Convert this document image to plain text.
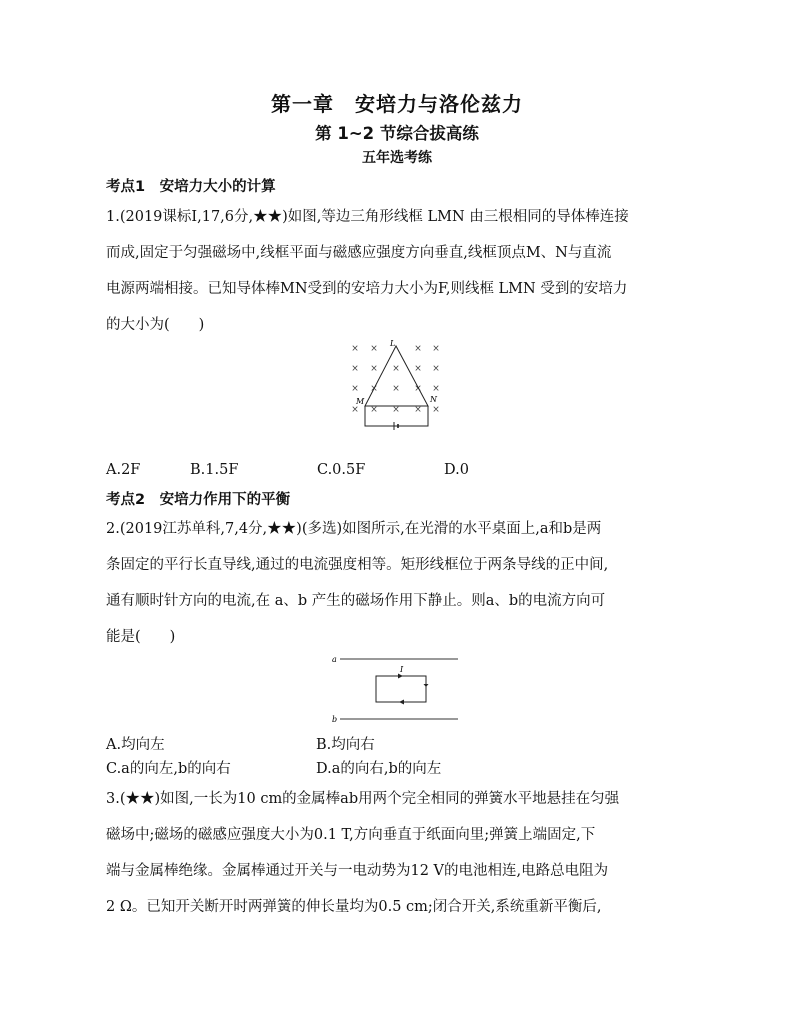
第一章　安培力与洛伦兹力
第 1~2 节综合拔高练
五年选考练
考点1　安培力大小的计算
1.(2019课标Ⅰ,17,6分,★★)如图,等边三角形线框 LMN 由三根相同的导体棒连接
而成,固定于匀强磁场中,线框平面与磁感应强度方向垂直,线框顶点M、N与直流
电源两端相接。已知导体棒MN受到的安培力大小为F,则线框 LMN 受到的安培力
的大小为(　　)
× ×	× ×
× × × × ×
× × × × ×
× × × × ×
L
M	N
A.2F	B.1.5F	C.0.5F	D.0
考点2　安培力作用下的平衡
2.(2019江苏单科,7,4分,★★)(多选)如图所示,在光滑的水平桌面上,a和b是两
条固定的平行长直导线,通过的电流强度相等。矩形线框位于两条导线的正中间,
通有顺时针方向的电流,在 a、b 产生的磁场作用下静止。则a、b的电流方向可
能是(　　)
a
b
I
A.均向左	B.均向右
C.a的向左,b的向右	D.a的向右,b的向左
3.(★★)如图,一长为10 cm的金属棒ab用两个完全相同的弹簧水平地悬挂在匀强
磁场中;磁场的磁感应强度大小为0.1 T,方向垂直于纸面向里;弹簧上端固定,下
端与金属棒绝缘。金属棒通过开关与一电动势为12 V的电池相连,电路总电阻为
2 Ω。已知开关断开时两弹簧的伸长量均为0.5 cm;闭合开关,系统重新平衡后,
